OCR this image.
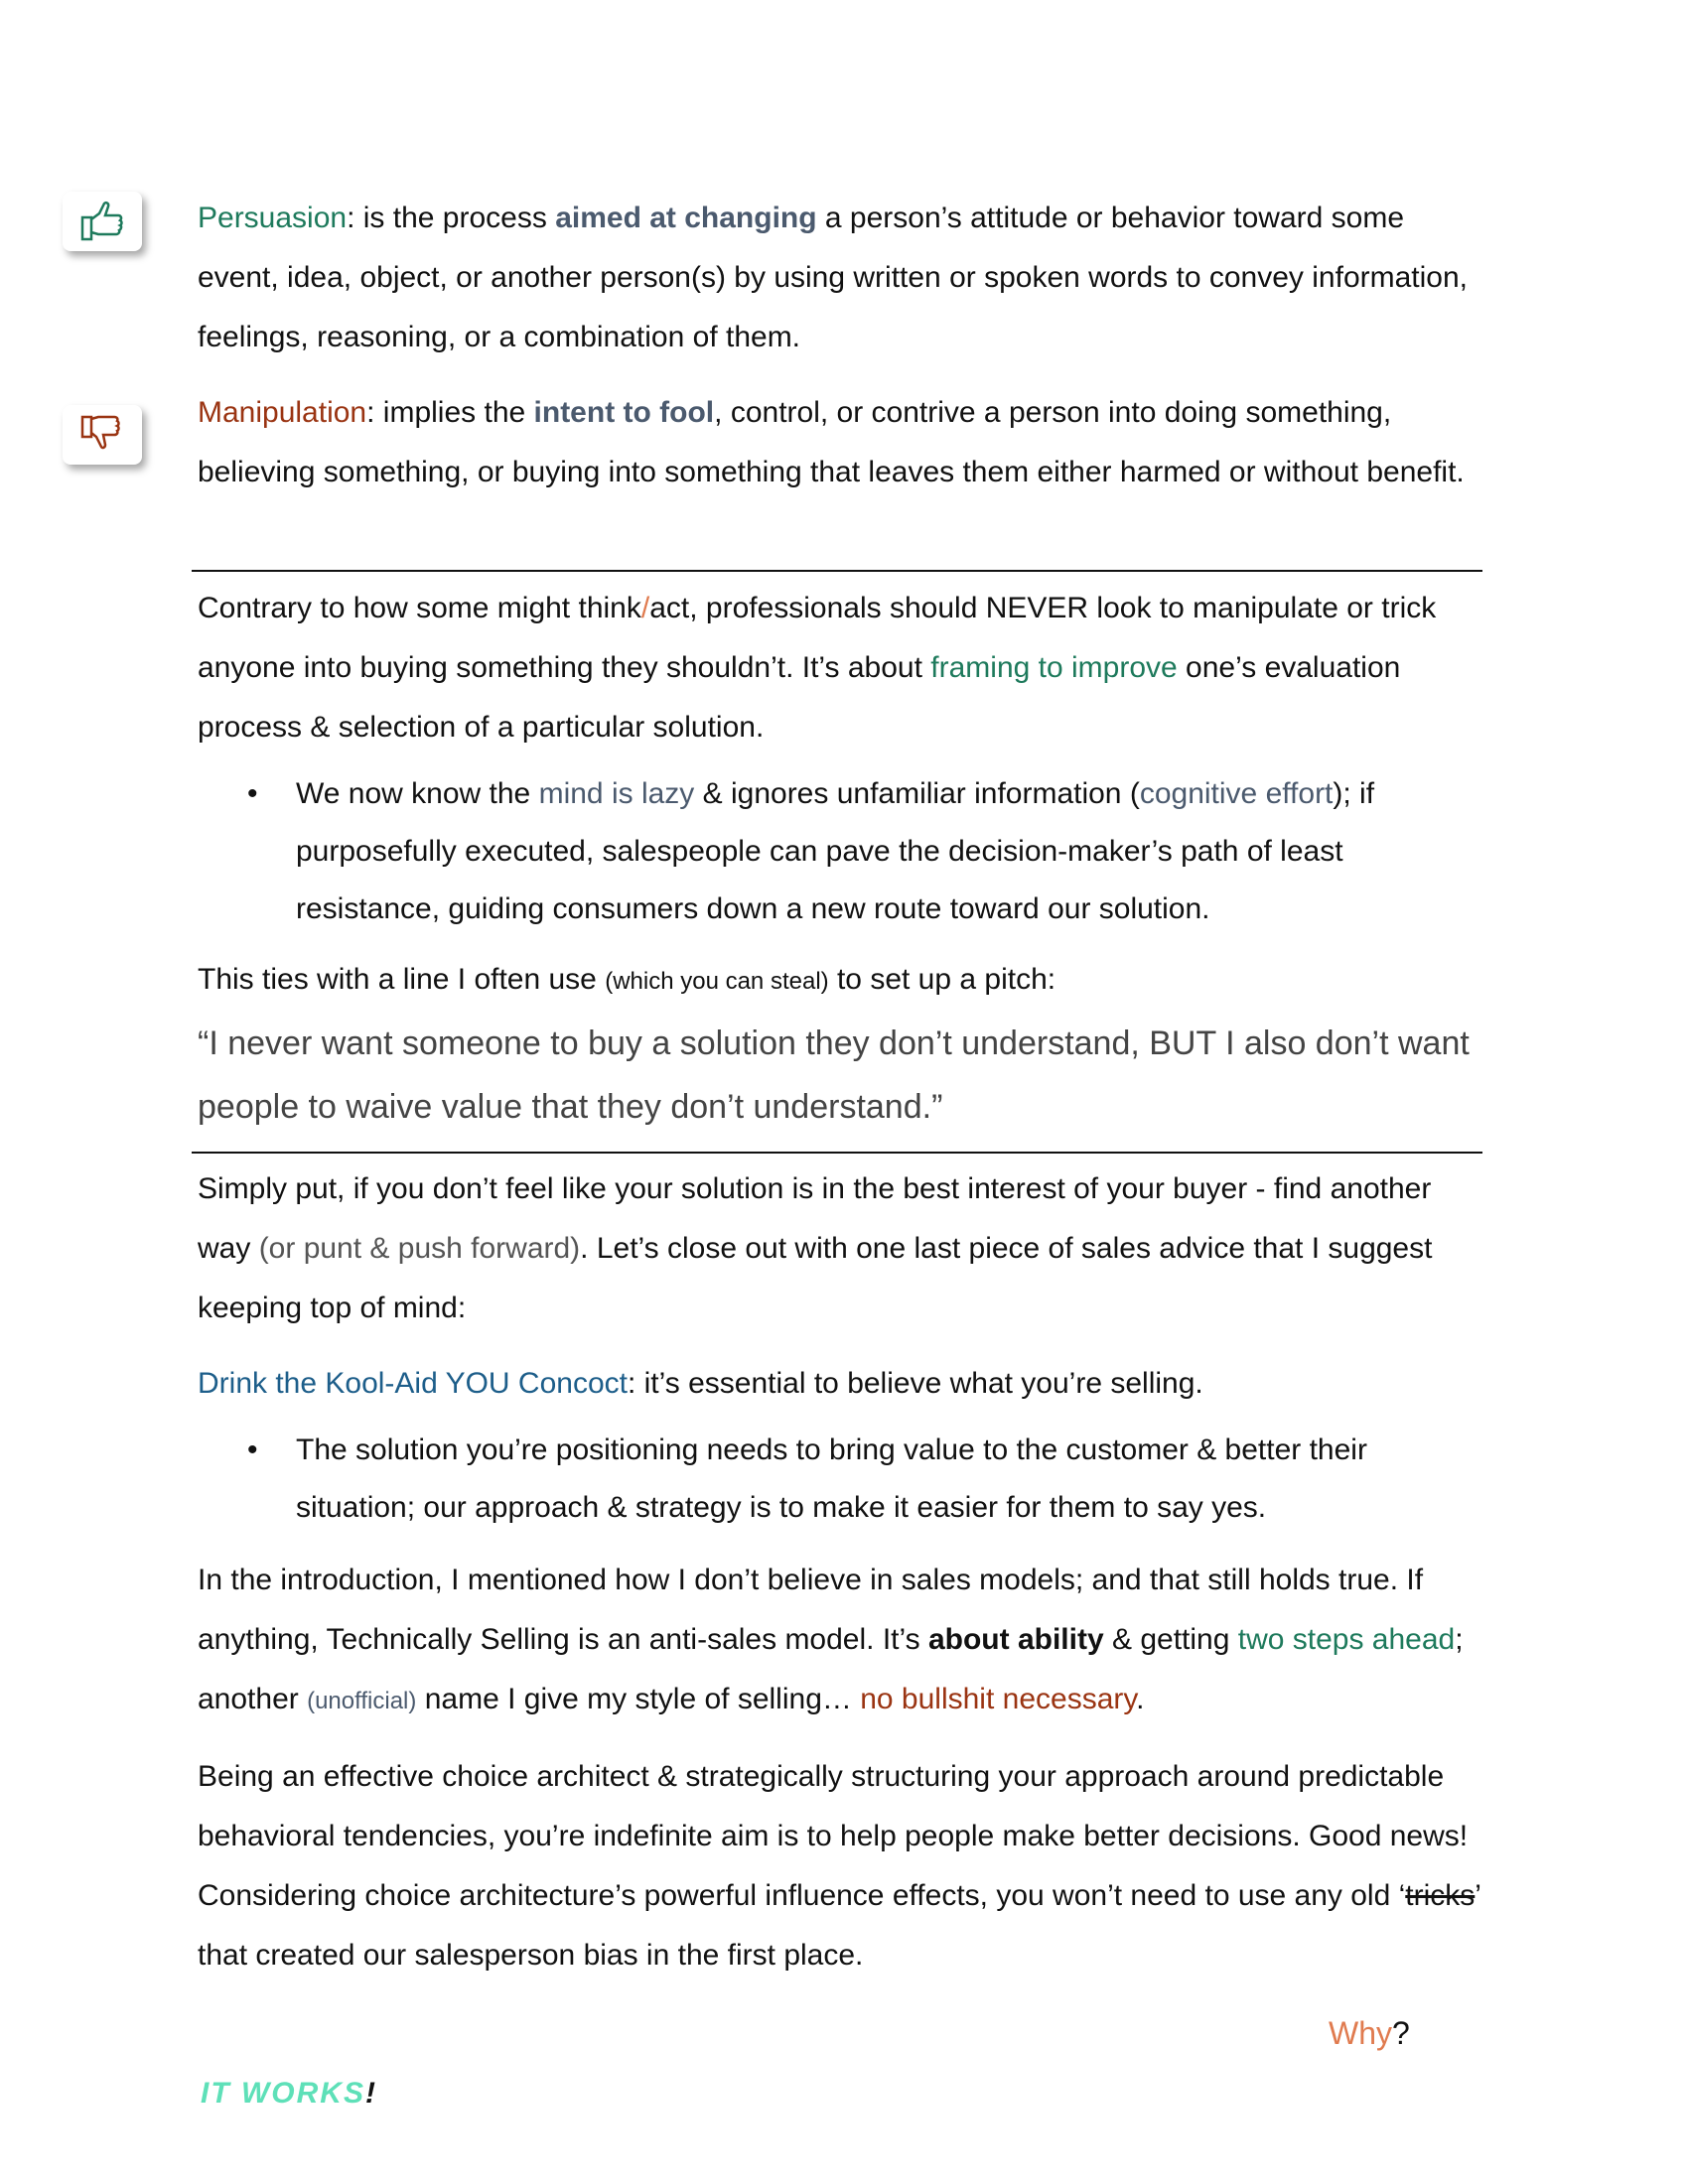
Persuasion: is the process aimed at changing a person’s attitude or behavior toward some event, idea, object, or another person(s) by using written or spoken words to convey information, feelings, reasoning, or a combination of them.

Manipulation: implies the intent to fool, control, or contrive a person into doing something, believing something, or buying into something that leaves them either harmed or without benefit.

Contrary to how some might think/act, professionals should NEVER look to manipulate or trick anyone into buying something they shouldn’t. It’s about framing to improve one’s evaluation process & selection of a particular solution.

• We now know the mind is lazy & ignores unfamiliar information (cognitive effort); if purposefully executed, salespeople can pave the decision-maker’s path of least resistance, guiding consumers down a new route toward our solution.

This ties with a line I often use (which you can steal) to set up a pitch:

“I never want someone to buy a solution they don’t understand, BUT I also don’t want people to waive value that they don’t understand.”

Simply put, if you don’t feel like your solution is in the best interest of your buyer - find another way (or punt & push forward). Let’s close out with one last piece of sales advice that I suggest keeping top of mind:

Drink the Kool-Aid YOU Concoct: it’s essential to believe what you’re selling.

• The solution you’re positioning needs to bring value to the customer & better their situation; our approach & strategy is to make it easier for them to say yes.

In the introduction, I mentioned how I don’t believe in sales models; and that still holds true. If anything, Technically Selling is an anti-sales model. It’s about ability & getting two steps ahead; another (unofficial) name I give my style of selling… no bullshit necessary.

Being an effective choice architect & strategically structuring your approach around predictable behavioral tendencies, you’re indefinite aim is to help people make better decisions. Good news! Considering choice architecture’s powerful influence effects, you won’t need to use any old ‘tricks’ that created our salesperson bias in the first place.

Why?
IT WORKS!
